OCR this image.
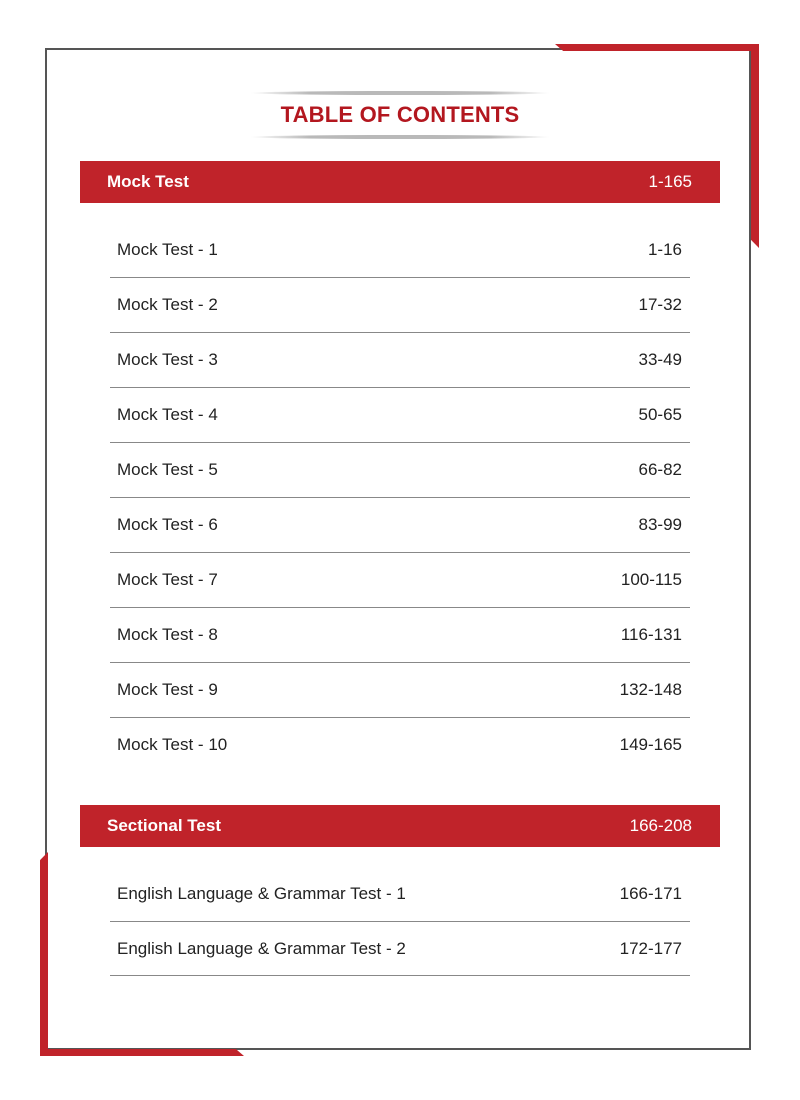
TABLE OF CONTENTS
Mock Test	1-165
Mock Test - 1	1-16
Mock Test - 2	17-32
Mock Test - 3	33-49
Mock Test - 4	50-65
Mock Test - 5	66-82
Mock Test - 6	83-99
Mock Test - 7	100-115
Mock Test - 8	116-131
Mock Test - 9	132-148
Mock Test - 10	149-165
Sectional Test	166-208
English Language & Grammar Test - 1	166-171
English Language & Grammar Test - 2	172-177
